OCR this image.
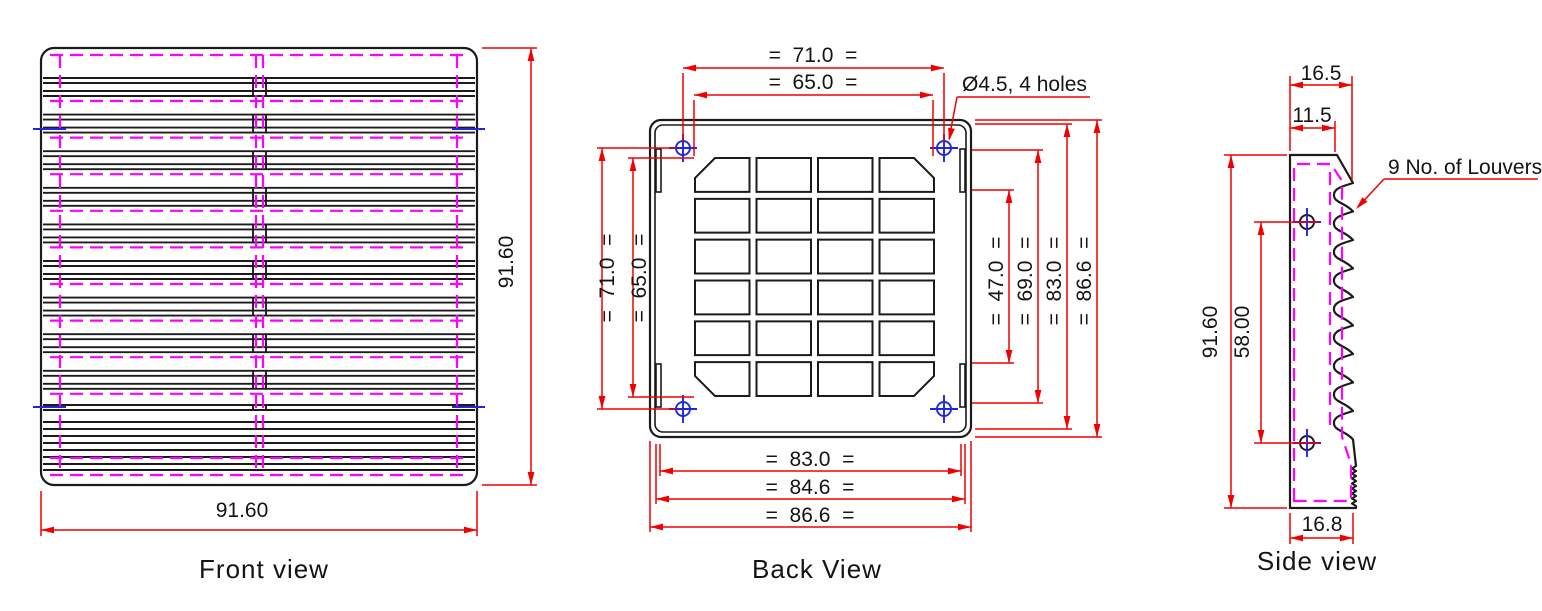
91.60
91.60
Front view
=  71.0  =
=  65.0  =	Ø4.5, 4 holes
=  71.0  = =  65.0  =	=  47.0  = =  69.0  = =  83.0  = =  86.6  =
=  83.0  =
=  84.6  =
=  86.6  =
Back View
16.5
11.5
91.60 58.00
16.8
9 No. of Louvers
Side view
